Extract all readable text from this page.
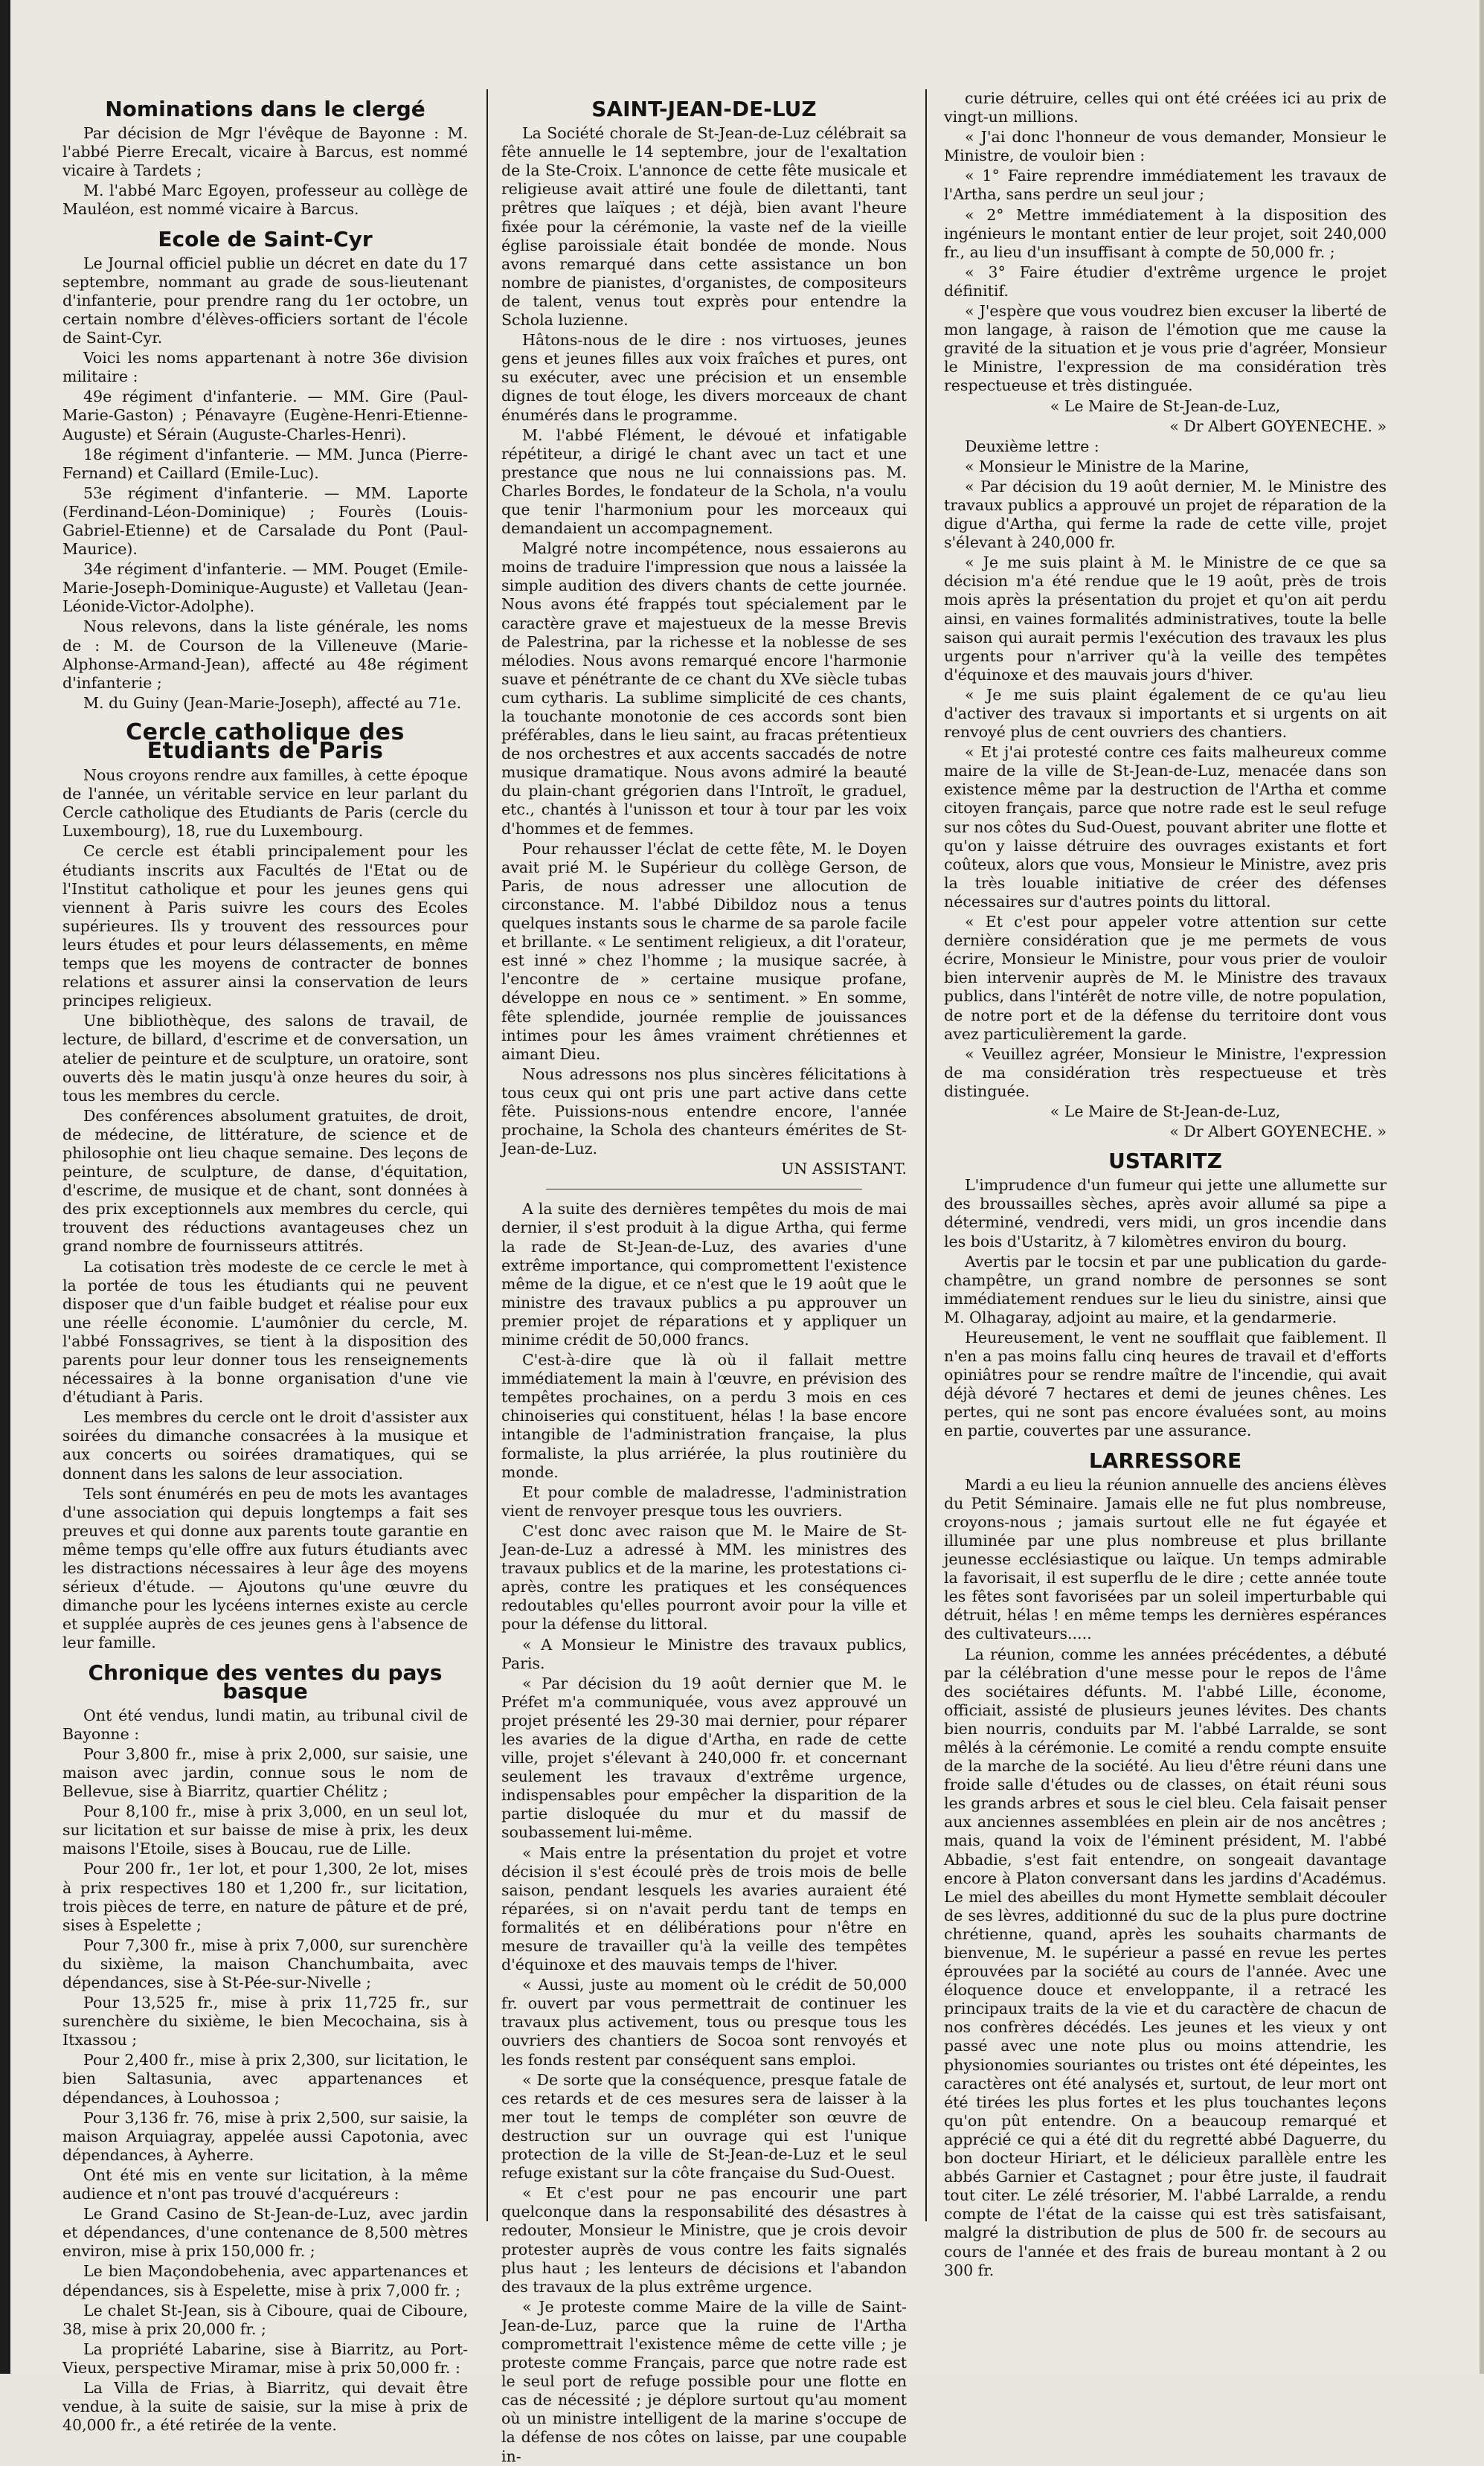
Nominations dans le clergé

Par décision de Mgr l'évêque de Bayonne : M. l'abbé Pierre Erecalt, vicaire à Barcus, est nommé vicaire à Tardets ;

M. l'abbé Marc Egoyen, professeur au collège de Mauléon, est nommé vicaire à Barcus.

Ecole de Saint-Cyr

Le Journal officiel publie un décret en date du 17 septembre, nommant au grade de sous-lieutenant d'infanterie, pour prendre rang du 1er octobre, un certain nombre d'élèves-officiers sortant de l'école de Saint-Cyr.

Voici les noms appartenant à notre 36e division militaire :

49e régiment d'infanterie. — MM. Gire (Paul-Marie-Gaston) ; Pénavayre (Eugène-Henri-Etienne-Auguste) et Sérain (Auguste-Charles-Henri).

18e régiment d'infanterie. — MM. Junca (Pierre-Fernand) et Caillard (Emile-Luc).

53e régiment d'infanterie. — MM. Laporte (Ferdinand-Léon-Dominique) ; Fourès (Louis-Gabriel-Etienne) et de Carsalade du Pont (Paul-Maurice).

34e régiment d'infanterie. — MM. Pouget (Emile-Marie-Joseph-Dominique-Auguste) et Valletau (Jean-Léonide-Victor-Adolphe).

Nous relevons, dans la liste générale, les noms de : M. de Courson de la Villeneuve (Marie-Alphonse-Armand-Jean), affecté au 48e régiment d'infanterie ;

M. du Guiny (Jean-Marie-Joseph), affecté au 71e.

Cercle catholique des Etudiants de Paris

Nous croyons rendre aux familles, à cette époque de l'année, un véritable service en leur parlant du Cercle catholique des Etudiants de Paris (cercle du Luxembourg), 18, rue du Luxembourg.

Ce cercle est établi principalement pour les étudiants inscrits aux Facultés de l'Etat ou de l'Institut catholique et pour les jeunes gens qui viennent à Paris suivre les cours des Ecoles supérieures. Ils y trouvent des ressources pour leurs études et pour leurs délassements, en même temps que les moyens de contracter de bonnes relations et assurer ainsi la conservation de leurs principes religieux.

Une bibliothèque, des salons de travail, de lecture, de billard, d'escrime et de conversation, un atelier de peinture et de sculpture, un oratoire, sont ouverts dès le matin jusqu'à onze heures du soir, à tous les membres du cercle.

Des conférences absolument gratuites, de droit, de médecine, de littérature, de science et de philosophie ont lieu chaque semaine. Des leçons de peinture, de sculpture, de danse, d'équitation, d'escrime, de musique et de chant, sont données à des prix exceptionnels aux membres du cercle, qui trouvent des réductions avantageuses chez un grand nombre de fournisseurs attitrés.

La cotisation très modeste de ce cercle le met à la portée de tous les étudiants qui ne peuvent disposer que d'un faible budget et réalise pour eux une réelle économie. L'aumônier du cercle, M. l'abbé Fonssagrives, se tient à la disposition des parents pour leur donner tous les renseignements nécessaires à la bonne organisation d'une vie d'étudiant à Paris.

Les membres du cercle ont le droit d'assister aux soirées du dimanche consacrées à la musique et aux concerts ou soirées dramatiques, qui se donnent dans les salons de leur association.

Tels sont énumérés en peu de mots les avantages d'une association qui depuis longtemps a fait ses preuves et qui donne aux parents toute garantie en même temps qu'elle offre aux futurs étudiants avec les distractions nécessaires à leur âge des moyens sérieux d'étude. — Ajoutons qu'une œuvre du dimanche pour les lycéens internes existe au cercle et supplée auprès de ces jeunes gens à l'absence de leur famille.

Chronique des ventes du pays basque

Ont été vendus, lundi matin, au tribunal civil de Bayonne :

Pour 3,800 fr., mise à prix 2,000, sur saisie, une maison avec jardin, connue sous le nom de Bellevue, sise à Biarritz, quartier Chélitz ;

Pour 8,100 fr., mise à prix 3,000, en un seul lot, sur licitation et sur baisse de mise à prix, les deux maisons l'Etoile, sises à Boucau, rue de Lille.

Pour 200 fr., 1er lot, et pour 1,300, 2e lot, mises à prix respectives 180 et 1,200 fr., sur licitation, trois pièces de terre, en nature de pâture et de pré, sises à Espelette ;

Pour 7,300 fr., mise à prix 7,000, sur surenchère du sixième, la maison Chanchumbaita, avec dépendances, sise à St-Pée-sur-Nivelle ;

Pour 13,525 fr., mise à prix 11,725 fr., sur surenchère du sixième, le bien Mecochaina, sis à Itxassou ;

Pour 2,400 fr., mise à prix 2,300, sur licitation, le bien Saltasunia, avec appartenances et dépendances, à Louhossoa ;

Pour 3,136 fr. 76, mise à prix 2,500, sur saisie, la maison Arquiagray, appelée aussi Capotonia, avec dépendances, à Ayherre.

Ont été mis en vente sur licitation, à la même audience et n'ont pas trouvé d'acquéreurs :

Le Grand Casino de St-Jean-de-Luz, avec jardin et dépendances, d'une contenance de 8,500 mètres environ, mise à prix 150,000 fr. ;

Le bien Maçondobehenia, avec appartenances et dépendances, sis à Espelette, mise à prix 7,000 fr. ;

Le chalet St-Jean, sis à Ciboure, quai de Ciboure, 38, mise à prix 20,000 fr. ;

La propriété Labarine, sise à Biarritz, au Port-Vieux, perspective Miramar, mise à prix 50,000 fr. :

La Villa de Frias, à Biarritz, qui devait être vendue, à la suite de saisie, sur la mise à prix de 40,000 fr., a été retirée de la vente.

SAINT-JEAN-DE-LUZ

La Société chorale de St-Jean-de-Luz célébrait sa fête annuelle le 14 septembre, jour de l'exaltation de la Ste-Croix. L'annonce de cette fête musicale et religieuse avait attiré une foule de dilettanti, tant prêtres que laïques ; et déjà, bien avant l'heure fixée pour la cérémonie, la vaste nef de la vieille église paroissiale était bondée de monde. Nous avons remarqué dans cette assistance un bon nombre de pianistes, d'organistes, de compositeurs de talent, venus tout exprès pour entendre la Schola luzienne.

Hâtons-nous de le dire : nos virtuoses, jeunes gens et jeunes filles aux voix fraîches et pures, ont su exécuter, avec une précision et un ensemble dignes de tout éloge, les divers morceaux de chant énumérés dans le programme.

M. l'abbé Flément, le dévoué et infatigable répétiteur, a dirigé le chant avec un tact et une prestance que nous ne lui connaissions pas. M. Charles Bordes, le fondateur de la Schola, n'a voulu que tenir l'harmonium pour les morceaux qui demandaient un accompagnement.

Malgré notre incompétence, nous essaierons au moins de traduire l'impression que nous a laissée la simple audition des divers chants de cette journée. Nous avons été frappés tout spécialement par le caractère grave et majestueux de la messe Brevis de Palestrina, par la richesse et la noblesse de ses mélodies. Nous avons remarqué encore l'harmonie suave et pénétrante de ce chant du XVe siècle tubas cum cytharis. La sublime simplicité de ces chants, la touchante monotonie de ces accords sont bien préférables, dans le lieu saint, au fracas prétentieux de nos orchestres et aux accents saccadés de notre musique dramatique. Nous avons admiré la beauté du plain-chant grégorien dans l'Introït, le graduel, etc., chantés à l'unisson et tour à tour par les voix d'hommes et de femmes.

Pour rehausser l'éclat de cette fête, M. le Doyen avait prié M. le Supérieur du collège Gerson, de Paris, de nous adresser une allocution de circonstance. M. l'abbé Dibildoz nous a tenus quelques instants sous le charme de sa parole facile et brillante. « Le sentiment religieux, a dit l'orateur, est inné » chez l'homme ; la musique sacrée, à l'encontre de » certaine musique profane, développe en nous ce » sentiment. » En somme, fête splendide, journée remplie de jouissances intimes pour les âmes vraiment chrétiennes et aimant Dieu.

Nous adressons nos plus sincères félicitations à tous ceux qui ont pris une part active dans cette fête. Puissions-nous entendre encore, l'année prochaine, la Schola des chanteurs émérites de St-Jean-de-Luz.

UN ASSISTANT.

A la suite des dernières tempêtes du mois de mai dernier, il s'est produit à la digue Artha, qui ferme la rade de St-Jean-de-Luz, des avaries d'une extrême importance, qui compromettent l'existence même de la digue, et ce n'est que le 19 août que le ministre des travaux publics a pu approuver un premier projet de réparations et y appliquer un minime crédit de 50,000 francs.

C'est-à-dire que là où il fallait mettre immédiatement la main à l'œuvre, en prévision des tempêtes prochaines, on a perdu 3 mois en ces chinoiseries qui constituent, hélas ! la base encore intangible de l'administration française, la plus formaliste, la plus arriérée, la plus routinière du monde.

Et pour comble de maladresse, l'administration vient de renvoyer presque tous les ouvriers.

C'est donc avec raison que M. le Maire de St-Jean-de-Luz a adressé à MM. les ministres des travaux publics et de la marine, les protestations ci-après, contre les pratiques et les conséquences redoutables qu'elles pourront avoir pour la ville et pour la défense du littoral.

« A Monsieur le Ministre des travaux publics, Paris.

« Par décision du 19 août dernier que M. le Préfet m'a communiquée, vous avez approuvé un projet présenté les 29-30 mai dernier, pour réparer les avaries de la digue d'Artha, en rade de cette ville, projet s'élevant à 240,000 fr. et concernant seulement les travaux d'extrême urgence, indispensables pour empêcher la disparition de la partie disloquée du mur et du massif de soubassement lui-même.

« Mais entre la présentation du projet et votre décision il s'est écoulé près de trois mois de belle saison, pendant lesquels les avaries auraient été réparées, si on n'avait perdu tant de temps en formalités et en délibérations pour n'être en mesure de travailler qu'à la veille des tempêtes d'équinoxe et des mauvais temps de l'hiver.

« Aussi, juste au moment où le crédit de 50,000 fr. ouvert par vous permettrait de continuer les travaux plus activement, tous ou presque tous les ouvriers des chantiers de Socoa sont renvoyés et les fonds restent par conséquent sans emploi.

« De sorte que la conséquence, presque fatale de ces retards et de ces mesures sera de laisser à la mer tout le temps de compléter son œuvre de destruction sur un ouvrage qui est l'unique protection de la ville de St-Jean-de-Luz et le seul refuge existant sur la côte française du Sud-Ouest.

« Et c'est pour ne pas encourir une part quelconque dans la responsabilité des désastres à redouter, Monsieur le Ministre, que je crois devoir protester auprès de vous contre les faits signalés plus haut ; les lenteurs de décisions et l'abandon des travaux de la plus extrême urgence.

« Je proteste comme Maire de la ville de Saint-Jean-de-Luz, parce que la ruine de l'Artha compromettrait l'existence même de cette ville ; je proteste comme Français, parce que notre rade est le seul port de refuge possible pour une flotte en cas de nécessité ; je déplore surtout qu'au moment où un ministre intelligent de la marine s'occupe de la défense de nos côtes on laisse, par une coupable in-

curie détruire, celles qui ont été créées ici au prix de vingt-un millions.

« J'ai donc l'honneur de vous demander, Monsieur le Ministre, de vouloir bien :

« 1° Faire reprendre immédiatement les travaux de l'Artha, sans perdre un seul jour ;

« 2° Mettre immédiatement à la disposition des ingénieurs le montant entier de leur projet, soit 240,000 fr., au lieu d'un insuffisant à compte de 50,000 fr. ;

« 3° Faire étudier d'extrême urgence le projet définitif.

« J'espère que vous voudrez bien excuser la liberté de mon langage, à raison de l'émotion que me cause la gravité de la situation et je vous prie d'agréer, Monsieur le Ministre, l'expression de ma considération très respectueuse et très distinguée.

« Le Maire de St-Jean-de-Luz,

« Dr Albert GOYENECHE. »

Deuxième lettre :

« Monsieur le Ministre de la Marine,

« Par décision du 19 août dernier, M. le Ministre des travaux publics a approuvé un projet de réparation de la digue d'Artha, qui ferme la rade de cette ville, projet s'élevant à 240,000 fr.

« Je me suis plaint à M. le Ministre de ce que sa décision m'a été rendue que le 19 août, près de trois mois après la présentation du projet et qu'on ait perdu ainsi, en vaines formalités administratives, toute la belle saison qui aurait permis l'exécution des travaux les plus urgents pour n'arriver qu'à la veille des tempêtes d'équinoxe et des mauvais jours d'hiver.

« Je me suis plaint également de ce qu'au lieu d'activer des travaux si importants et si urgents on ait renvoyé plus de cent ouvriers des chantiers.

« Et j'ai protesté contre ces faits malheureux comme maire de la ville de St-Jean-de-Luz, menacée dans son existence même par la destruction de l'Artha et comme citoyen français, parce que notre rade est le seul refuge sur nos côtes du Sud-Ouest, pouvant abriter une flotte et qu'on y laisse détruire des ouvrages existants et fort coûteux, alors que vous, Monsieur le Ministre, avez pris la très louable initiative de créer des défenses nécessaires sur d'autres points du littoral.

« Et c'est pour appeler votre attention sur cette dernière considération que je me permets de vous écrire, Monsieur le Ministre, pour vous prier de vouloir bien intervenir auprès de M. le Ministre des travaux publics, dans l'intérêt de notre ville, de notre population, de notre port et de la défense du territoire dont vous avez particulièrement la garde.

« Veuillez agréer, Monsieur le Ministre, l'expression de ma considération très respectueuse et très distinguée.

« Le Maire de St-Jean-de-Luz,

« Dr Albert GOYENECHE. »

USTARITZ

L'imprudence d'un fumeur qui jette une allumette sur des broussailles sèches, après avoir allumé sa pipe a déterminé, vendredi, vers midi, un gros incendie dans les bois d'Ustaritz, à 7 kilomètres environ du bourg.

Avertis par le tocsin et par une publication du garde-champêtre, un grand nombre de personnes se sont immédiatement rendues sur le lieu du sinistre, ainsi que M. Olhagaray, adjoint au maire, et la gendarmerie.

Heureusement, le vent ne soufflait que faiblement. Il n'en a pas moins fallu cinq heures de travail et d'efforts opiniâtres pour se rendre maître de l'incendie, qui avait déjà dévoré 7 hectares et demi de jeunes chênes. Les pertes, qui ne sont pas encore évaluées sont, au moins en partie, couvertes par une assurance.

LARRESSORE

Mardi a eu lieu la réunion annuelle des anciens élèves du Petit Séminaire. Jamais elle ne fut plus nombreuse, croyons-nous ; jamais surtout elle ne fut égayée et illuminée par une plus nombreuse et plus brillante jeunesse ecclésiastique ou laïque. Un temps admirable la favorisait, il est superflu de le dire ; cette année toute les fêtes sont favorisées par un soleil imperturbable qui détruit, hélas ! en même temps les dernières espérances des cultivateurs.....

La réunion, comme les années précédentes, a débuté par la célébration d'une messe pour le repos de l'âme des sociétaires défunts. M. l'abbé Lille, économe, officiait, assisté de plusieurs jeunes lévites. Des chants bien nourris, conduits par M. l'abbé Larralde, se sont mêlés à la cérémonie. Le comité a rendu compte ensuite de la marche de la société. Au lieu d'être réuni dans une froide salle d'études ou de classes, on était réuni sous les grands arbres et sous le ciel bleu. Cela faisait penser aux anciennes assemblées en plein air de nos ancêtres ; mais, quand la voix de l'éminent président, M. l'abbé Abbadie, s'est fait entendre, on songeait davantage encore à Platon conversant dans les jardins d'Académus. Le miel des abeilles du mont Hymette semblait découler de ses lèvres, additionné du suc de la plus pure doctrine chrétienne, quand, après les souhaits charmants de bienvenue, M. le supérieur a passé en revue les pertes éprouvées par la société au cours de l'année. Avec une éloquence douce et enveloppante, il a retracé les principaux traits de la vie et du caractère de chacun de nos confrères décédés. Les jeunes et les vieux y ont passé avec une note plus ou moins attendrie, les physionomies souriantes ou tristes ont été dépeintes, les caractères ont été analysés et, surtout, de leur mort ont été tirées les plus fortes et les plus touchantes leçons qu'on pût entendre. On a beaucoup remarqué et apprécié ce qui a été dit du regretté abbé Daguerre, du bon docteur Hiriart, et le délicieux parallèle entre les abbés Garnier et Castagnet ; pour être juste, il faudrait tout citer. Le zélé trésorier, M. l'abbé Larralde, a rendu compte de l'état de la caisse qui est très satisfaisant, malgré la distribution de plus de 500 fr. de secours au cours de l'année et des frais de bureau montant à 2 ou 300 fr.
